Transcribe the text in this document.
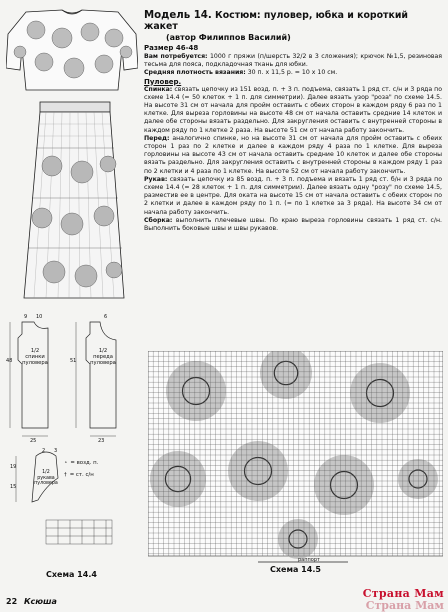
1/2 спинки пуловера
1/2 переда пуловера
1/2 рукава пуловера
48	51
25	23
9 10	6
19
15
2 3
∘ = возд. п.
† = ст. с/н
Схема 14.4
Модель 14. Костюм: пуловер, юбка и короткий жакет
(автор Филиппов Василий)
Размер 46-48

Вам потребуется: 1000 г пряжи (п/шерсть 32/2 в 3 сложения); крючок №1,5, резиновая тесьма для пояса, подкладочная ткань для юбки.

Средняя плотность вязания: 30 п. х 11,5 р. = 10 х 10 см.

Пуловер.

Спинка: связать цепочку из 151 возд. п. + 3 п. подъема, связать 1 ряд ст. с/н и 3 ряда по схеме 14.4 (= 50 клеток + 1 п. для симметрии). Далее вязать узор "роза" по схеме 14.5. На высоте 31 см от начала для пройм оставить с обеих сторон в каждом ряду 6 раз по 1 клетке. Для выреза горловины на высоте 48 см от начала оставить средние 14 клеток и далее обе стороны вязать раздельно. Для закругления оставить с внутренней стороны в каждом ряду по 1 клетке 2 раза. На высоте 51 см от начала работу закончить.

Перед: аналогично спинке, но на высоте 31 см от начала для пройм оставить с обеих сторон 1 раз по 2 клетке и далее в каждом ряду 4 раза по 1 клетке. Для выреза горловины на высоте 43 см от начала оставить средние 10 клеток и далее обе стороны вязать раздельно. Для закругления оставить с внутренней стороны в каждом ряду 1 раз по 2 клетки и 4 раза по 1 клетке. На высоте 52 см от начала работу закончить.

Рукав: связать цепочку из 85 возд. п. + 3 п. подъема и вязать 1 ряд ст. б/н и 3 ряда по схеме 14.4 (= 28 клеток + 1 п. для симметрии). Далее вязать одну "розу" по схеме 14.5, разместив ее в центре. Для оката на высоте 15 см от начала оставить с обеих сторон по 2 клетки и далее в каждом ряду по 1 п. (= по 1 клетке за 3 ряда). На высоте 34 см от начала работу закончить.

Сборка: выполнить плечевые швы. По краю выреза горловины связать 1 ряд ст. с/н. Выполнить боковые швы и швы рукавов.

раппорт
Схема 14.5
22 Ксюша
Страна Мам
Страна Мам
